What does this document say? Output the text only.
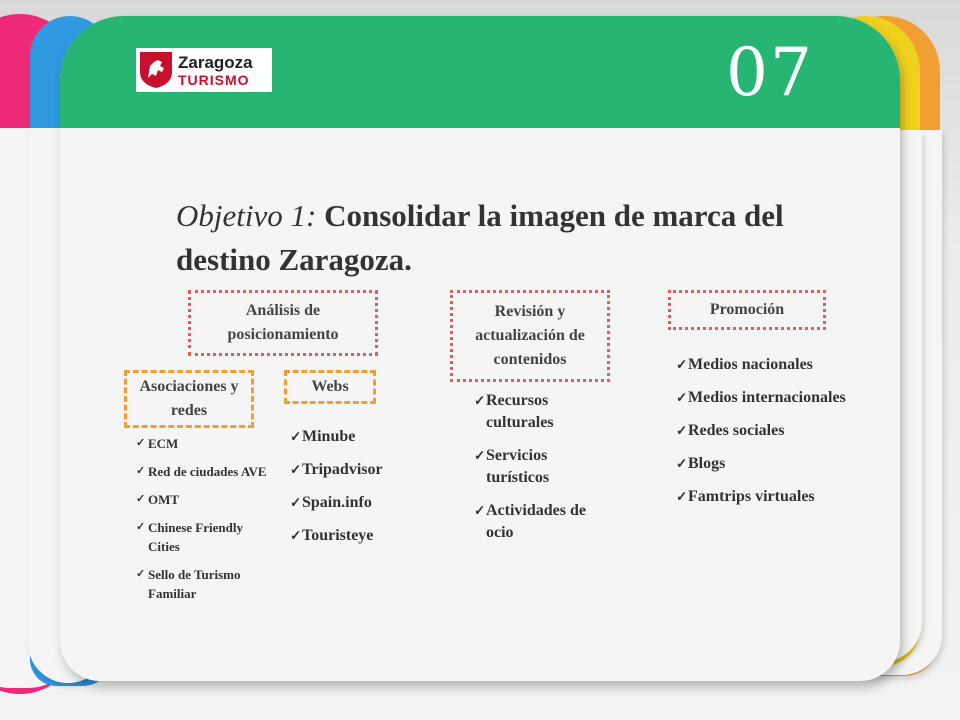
Zaragoza
TURISMO	07
Objetivo 1: Consolidar la imagen de marca del destino Zaragoza.
Análisis de posicionamiento
Asociaciones y redes
Webs
Revisión y actualización de contenidos
Promoción
✓ ECM
✓ Red de ciudades AVE
✓ OMT
✓ Chinese Friendly Cities
✓ Sello de Turismo Familiar
✓ Minube
✓ Tripadvisor
✓ Spain.info
✓ Touristeye
✓ Recursos culturales
✓ Servicios turísticos
✓ Actividades de ocio
✓ Medios nacionales
✓ Medios internacionales
✓ Redes sociales
✓ Blogs
✓ Famtrips virtuales
